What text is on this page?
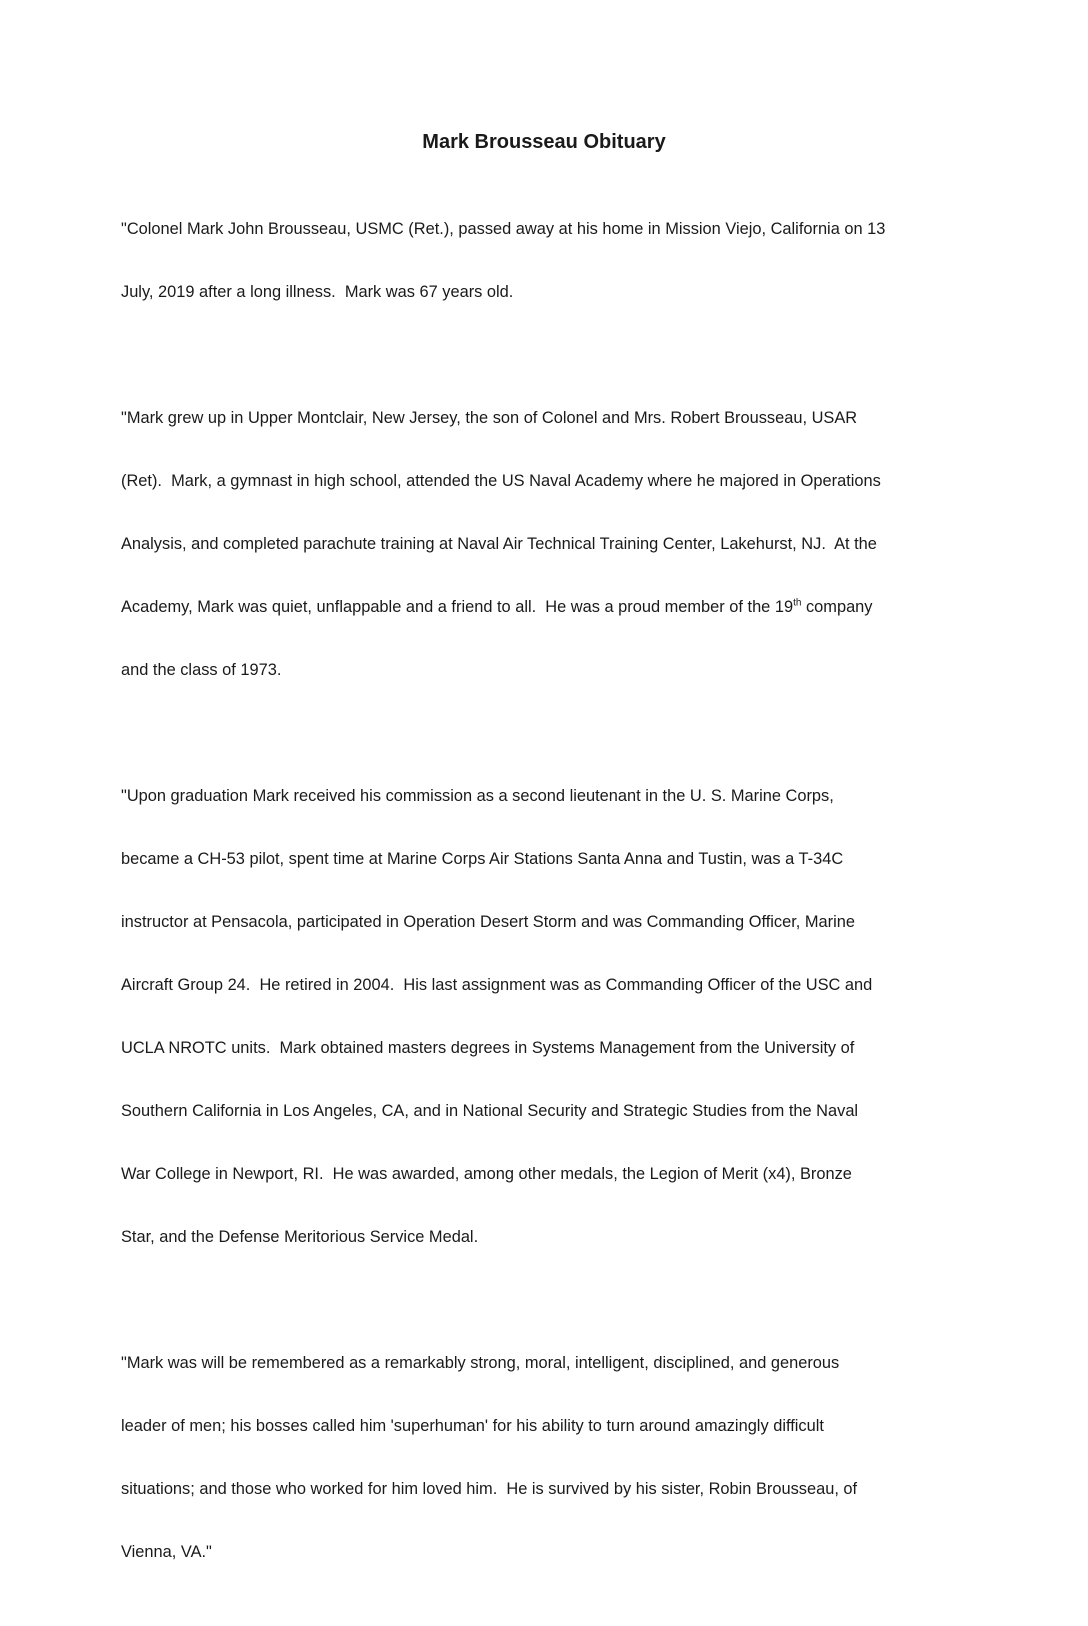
Mark Brousseau Obituary

"Colonel Mark John Brousseau, USMC (Ret.), passed away at his home in Mission Viejo, California on 13

July, 2019 after a long illness.  Mark was 67 years old.

"Mark grew up in Upper Montclair, New Jersey, the son of Colonel and Mrs. Robert Brousseau, USAR

(Ret).  Mark, a gymnast in high school, attended the US Naval Academy where he majored in Operations

Analysis, and completed parachute training at Naval Air Technical Training Center, Lakehurst, NJ.  At the

Academy, Mark was quiet, unflappable and a friend to all.  He was a proud member of the 19th company

and the class of 1973.

"Upon graduation Mark received his commission as a second lieutenant in the U. S. Marine Corps,

became a CH-53 pilot, spent time at Marine Corps Air Stations Santa Anna and Tustin, was a T-34C

instructor at Pensacola, participated in Operation Desert Storm and was Commanding Officer, Marine

Aircraft Group 24.  He retired in 2004.  His last assignment was as Commanding Officer of the USC and

UCLA NROTC units.  Mark obtained masters degrees in Systems Management from the University of

Southern California in Los Angeles, CA, and in National Security and Strategic Studies from the Naval

War College in Newport, RI.  He was awarded, among other medals, the Legion of Merit (x4), Bronze

Star, and the Defense Meritorious Service Medal.

"Mark was will be remembered as a remarkably strong, moral, intelligent, disciplined, and generous

leader of men; his bosses called him 'superhuman' for his ability to turn around amazingly difficult

situations; and those who worked for him loved him.  He is survived by his sister, Robin Brousseau, of

Vienna, VA."
